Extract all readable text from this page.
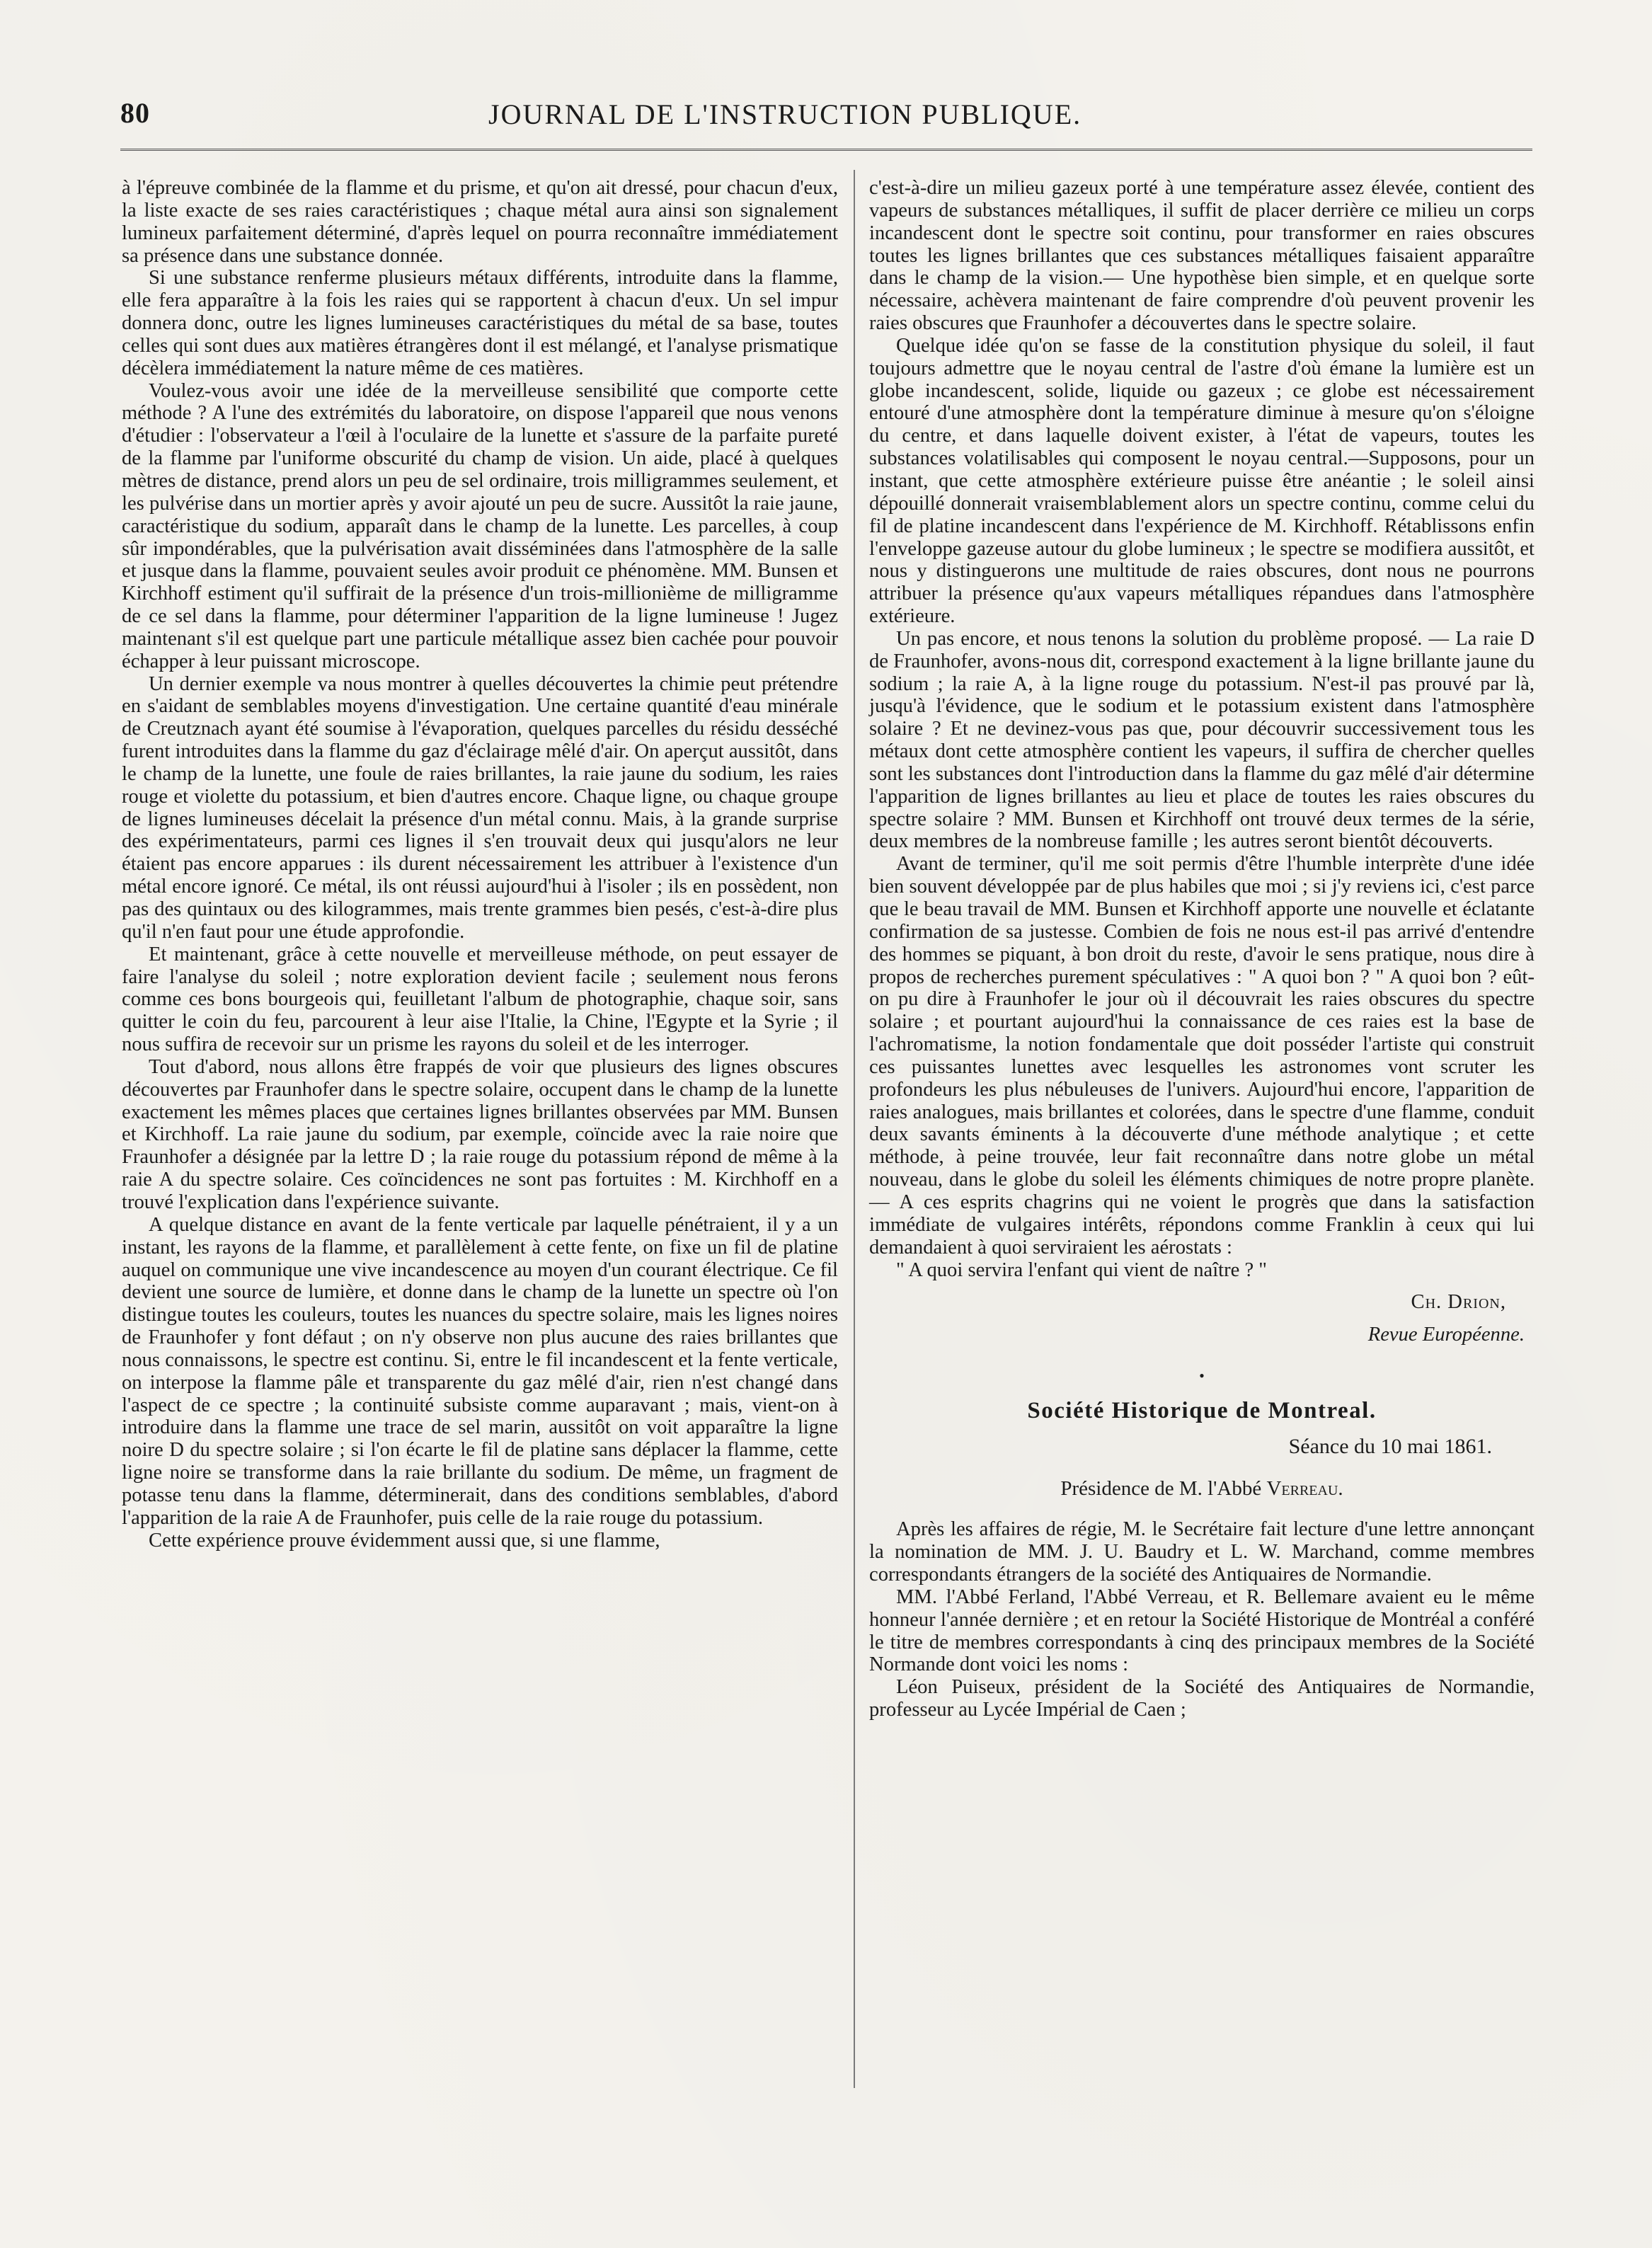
80	JOURNAL DE L'INSTRUCTION PUBLIQUE.

à l'épreuve combinée de la flamme et du prisme, et qu'on ait dressé, pour chacun d'eux, la liste exacte de ses raies caractéristiques ; chaque métal aura ainsi son signalement lumineux parfaitement déterminé, d'après lequel on pourra reconnaître immédiatement sa présence dans une substance donnée.

Si une substance renferme plusieurs métaux différents, introduite dans la flamme, elle fera apparaître à la fois les raies qui se rapportent à chacun d'eux. Un sel impur donnera donc, outre les lignes lumineuses caractéristiques du métal de sa base, toutes celles qui sont dues aux matières étrangères dont il est mélangé, et l'analyse prismatique décèlera immédiatement la nature même de ces matières.

Voulez-vous avoir une idée de la merveilleuse sensibilité que comporte cette méthode ? A l'une des extrémités du laboratoire, on dispose l'appareil que nous venons d'étudier : l'observateur a l'œil à l'oculaire de la lunette et s'assure de la parfaite pureté de la flamme par l'uniforme obscurité du champ de vision. Un aide, placé à quelques mètres de distance, prend alors un peu de sel ordinaire, trois milligrammes seulement, et les pulvérise dans un mortier après y avoir ajouté un peu de sucre. Aussitôt la raie jaune, caractéristique du sodium, apparaît dans le champ de la lunette. Les parcelles, à coup sûr impondérables, que la pulvérisation avait disséminées dans l'atmosphère de la salle et jusque dans la flamme, pouvaient seules avoir produit ce phénomène. MM. Bunsen et Kirchhoff estiment qu'il suffirait de la présence d'un trois-millionième de milligramme de ce sel dans la flamme, pour déterminer l'apparition de la ligne lumineuse ! Jugez maintenant s'il est quelque part une particule métallique assez bien cachée pour pouvoir échapper à leur puissant microscope.

Un dernier exemple va nous montrer à quelles découvertes la chimie peut prétendre en s'aidant de semblables moyens d'investigation. Une certaine quantité d'eau minérale de Creutznach ayant été soumise à l'évaporation, quelques parcelles du résidu desséché furent introduites dans la flamme du gaz d'éclairage mêlé d'air. On aperçut aussitôt, dans le champ de la lunette, une foule de raies brillantes, la raie jaune du sodium, les raies rouge et violette du potassium, et bien d'autres encore. Chaque ligne, ou chaque groupe de lignes lumineuses décelait la présence d'un métal connu. Mais, à la grande surprise des expérimentateurs, parmi ces lignes il s'en trouvait deux qui jusqu'alors ne leur étaient pas encore apparues : ils durent nécessairement les attribuer à l'existence d'un métal encore ignoré. Ce métal, ils ont réussi aujourd'hui à l'isoler ; ils en possèdent, non pas des quintaux ou des kilogrammes, mais trente grammes bien pesés, c'est-à-dire plus qu'il n'en faut pour une étude approfondie.

Et maintenant, grâce à cette nouvelle et merveilleuse méthode, on peut essayer de faire l'analyse du soleil ; notre exploration devient facile ; seulement nous ferons comme ces bons bourgeois qui, feuilletant l'album de photographie, chaque soir, sans quitter le coin du feu, parcourent à leur aise l'Italie, la Chine, l'Egypte et la Syrie ; il nous suffira de recevoir sur un prisme les rayons du soleil et de les interroger.

Tout d'abord, nous allons être frappés de voir que plusieurs des lignes obscures découvertes par Fraunhofer dans le spectre solaire, occupent dans le champ de la lunette exactement les mêmes places que certaines lignes brillantes observées par MM. Bunsen et Kirchhoff. La raie jaune du sodium, par exemple, coïncide avec la raie noire que Fraunhofer a désignée par la lettre D ; la raie rouge du potassium répond de même à la raie A du spectre solaire. Ces coïncidences ne sont pas fortuites : M. Kirchhoff en a trouvé l'explication dans l'expérience suivante.

A quelque distance en avant de la fente verticale par laquelle pénétraient, il y a un instant, les rayons de la flamme, et parallèlement à cette fente, on fixe un fil de platine auquel on communique une vive incandescence au moyen d'un courant électrique. Ce fil devient une source de lumière, et donne dans le champ de la lunette un spectre où l'on distingue toutes les couleurs, toutes les nuances du spectre solaire, mais les lignes noires de Fraunhofer y font défaut ; on n'y observe non plus aucune des raies brillantes que nous connaissons, le spectre est continu. Si, entre le fil incandescent et la fente verticale, on interpose la flamme pâle et transparente du gaz mêlé d'air, rien n'est changé dans l'aspect de ce spectre ; la continuité subsiste comme auparavant ; mais, vient-on à introduire dans la flamme une trace de sel marin, aussitôt on voit apparaître la ligne noire D du spectre solaire ; si l'on écarte le fil de platine sans déplacer la flamme, cette ligne noire se transforme dans la raie brillante du sodium. De même, un fragment de potasse tenu dans la flamme, déterminerait, dans des conditions semblables, d'abord l'apparition de la raie A de Fraunhofer, puis celle de la raie rouge du potassium.

Cette expérience prouve évidemment aussi que, si une flamme,

c'est-à-dire un milieu gazeux porté à une température assez élevée, contient des vapeurs de substances métalliques, il suffit de placer derrière ce milieu un corps incandescent dont le spectre soit continu, pour transformer en raies obscures toutes les lignes brillantes que ces substances métalliques faisaient apparaître dans le champ de la vision.— Une hypothèse bien simple, et en quelque sorte nécessaire, achèvera maintenant de faire comprendre d'où peuvent provenir les raies obscures que Fraunhofer a découvertes dans le spectre solaire.

Quelque idée qu'on se fasse de la constitution physique du soleil, il faut toujours admettre que le noyau central de l'astre d'où émane la lumière est un globe incandescent, solide, liquide ou gazeux ; ce globe est nécessairement entouré d'une atmosphère dont la température diminue à mesure qu'on s'éloigne du centre, et dans laquelle doivent exister, à l'état de vapeurs, toutes les substances volatilisables qui composent le noyau central.—Supposons, pour un instant, que cette atmosphère extérieure puisse être anéantie ; le soleil ainsi dépouillé donnerait vraisemblablement alors un spectre continu, comme celui du fil de platine incandescent dans l'expérience de M. Kirchhoff. Rétablissons enfin l'enveloppe gazeuse autour du globe lumineux ; le spectre se modifiera aussitôt, et nous y distinguerons une multitude de raies obscures, dont nous ne pourrons attribuer la présence qu'aux vapeurs métalliques répandues dans l'atmosphère extérieure.

Un pas encore, et nous tenons la solution du problème proposé. — La raie D de Fraunhofer, avons-nous dit, correspond exactement à la ligne brillante jaune du sodium ; la raie A, à la ligne rouge du potassium. N'est-il pas prouvé par là, jusqu'à l'évidence, que le sodium et le potassium existent dans l'atmosphère solaire ? Et ne devinez-vous pas que, pour découvrir successivement tous les métaux dont cette atmosphère contient les vapeurs, il suffira de chercher quelles sont les substances dont l'introduction dans la flamme du gaz mêlé d'air détermine l'apparition de lignes brillantes au lieu et place de toutes les raies obscures du spectre solaire ? MM. Bunsen et Kirchhoff ont trouvé deux termes de la série, deux membres de la nombreuse famille ; les autres seront bientôt découverts.

Avant de terminer, qu'il me soit permis d'être l'humble interprète d'une idée bien souvent développée par de plus habiles que moi ; si j'y reviens ici, c'est parce que le beau travail de MM. Bunsen et Kirchhoff apporte une nouvelle et éclatante confirmation de sa justesse. Combien de fois ne nous est-il pas arrivé d'entendre des hommes se piquant, à bon droit du reste, d'avoir le sens pratique, nous dire à propos de recherches purement spéculatives : " A quoi bon ? " A quoi bon ? eût-on pu dire à Fraunhofer le jour où il découvrait les raies obscures du spectre solaire ; et pourtant aujourd'hui la connaissance de ces raies est la base de l'achromatisme, la notion fondamentale que doit posséder l'artiste qui construit ces puissantes lunettes avec lesquelles les astronomes vont scruter les profondeurs les plus nébuleuses de l'univers. Aujourd'hui encore, l'apparition de raies analogues, mais brillantes et colorées, dans le spectre d'une flamme, conduit deux savants éminents à la découverte d'une méthode analytique ; et cette méthode, à peine trouvée, leur fait reconnaître dans notre globe un métal nouveau, dans le globe du soleil les éléments chimiques de notre propre planète.— A ces esprits chagrins qui ne voient le progrès que dans la satisfaction immédiate de vulgaires intérêts, répondons comme Franklin à ceux qui lui demandaient à quoi serviraient les aérostats :

" A quoi servira l'enfant qui vient de naître ? "

Ch. Drion,
Revue Européenne.
•
Société Historique de Montreal.
Séance du 10 mai 1861.
Présidence de M. l'Abbé Verreau.

Après les affaires de régie, M. le Secrétaire fait lecture d'une lettre annonçant la nomination de MM. J. U. Baudry et L. W. Marchand, comme membres correspondants étrangers de la société des Antiquaires de Normandie.

MM. l'Abbé Ferland, l'Abbé Verreau, et R. Bellemare avaient eu le même honneur l'année dernière ; et en retour la Société Historique de Montréal a conféré le titre de membres correspondants à cinq des principaux membres de la Société Normande dont voici les noms :

Léon Puiseux, président de la Société des Antiquaires de Normandie, professeur au Lycée Impérial de Caen ;
